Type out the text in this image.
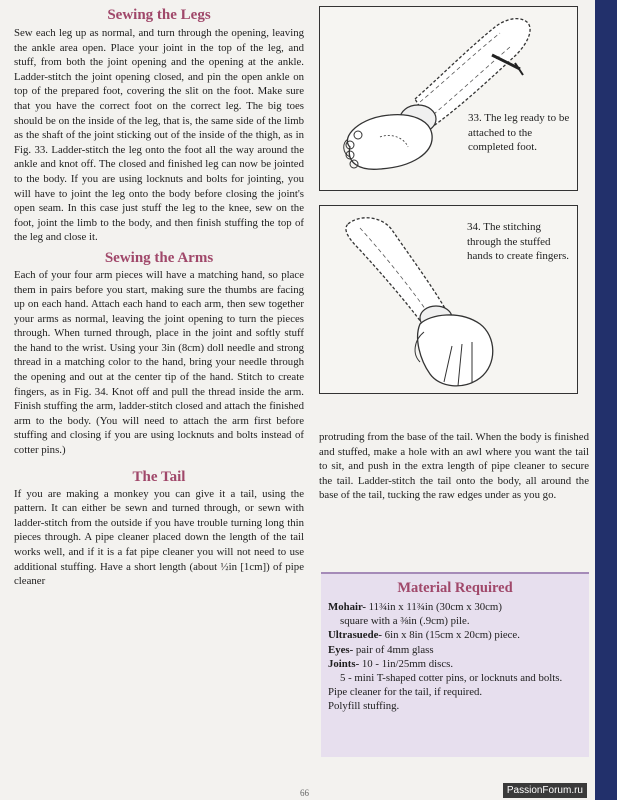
Sewing the Legs

Sew each leg up as normal, and turn through the opening, leaving the ankle area open. Place your joint in the top of the leg, and stuff, from both the joint opening and the opening at the ankle. Ladder-stitch the joint opening closed, and pin the open ankle on top of the prepared foot, covering the slit on the foot. Make sure that you have the correct foot on the correct leg. The big toes should be on the inside of the leg, that is, the same side of the limb as the shaft of the joint sticking out of the inside of the thigh, as in Fig. 33. Ladder-stitch the leg onto the foot all the way around the ankle and knot off. The closed and finished leg can now be jointed to the body. If you are using locknuts and bolts for jointing, you will have to joint the leg onto the body before closing the joint's open seam. In this case just stuff the leg to the knee, sew on the foot, joint the limb to the body, and then finish stuffing the top of the leg and close it.

Sewing the Arms

Each of your four arm pieces will have a matching hand, so place them in pairs before you start, making sure the thumbs are facing up on each hand. Attach each hand to each arm, then sew together your arms as normal, leaving the joint opening to turn the pieces through. When turned through, place in the joint and softly stuff the hand to the wrist. Using your 3in (8cm) doll needle and strong thread in a matching color to the hand, bring your needle through the opening and out at the center tip of the hand. Stitch to create fingers, as in Fig. 34. Knot off and pull the thread inside the arm. Finish stuffing the arm, ladder-stitch closed and attach the finished arm to the body. (You will need to attach the arm first before stuffing and closing if you are using locknuts and bolts instead of cotter pins.)

The Tail

If you are making a monkey you can give it a tail, using the pattern. It can either be sewn and turned through, or sewn with ladder-stitch from the outside if you have trouble turning long thin pieces through. A pipe cleaner placed down the length of the tail works well, and if it is a fat pipe cleaner you will not need to use additional stuffing. Have a short length (about ½in [1cm]) of pipe cleaner

33. The leg ready to be attached to the completed foot.
34. The stitching through the stuffed hands to create fingers.

protruding from the base of the tail. When the body is finished and stuffed, make a hole with an awl where you want the tail to sit, and push in the extra length of pipe cleaner to secure the tail. Ladder-stitch the tail onto the body, all around the base of the tail, tucking the raw edges under as you go.

Material Required
Mohair- 11¾in x 11¾in (30cm x 30cm)
square with a ⅜in (.9cm) pile.
Ultrasuede- 6in x 8in (15cm x 20cm) piece.
Eyes- pair of 4mm glass
Joints- 10 - 1in/25mm discs.
5 - mini T-shaped cotter pins, or locknuts and bolts.
Pipe cleaner for the tail, if required.
Polyfill stuffing.
66	PassionForum.ru
